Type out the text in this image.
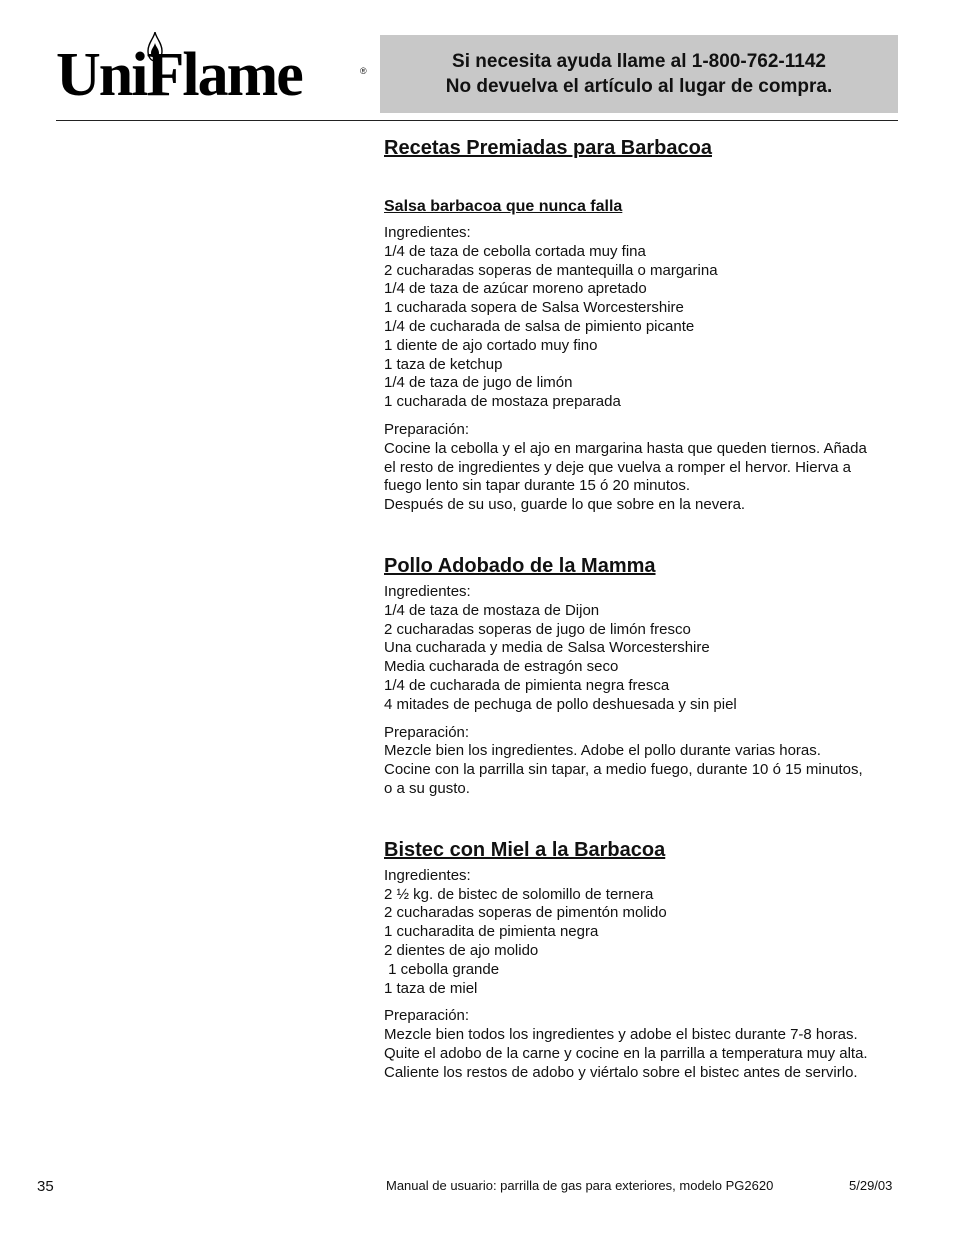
UniFlame	®	Si necesita ayuda llame al 1-800-762-1142
No devuelva el artículo al lugar de compra.
Recetas Premiadas para Barbacoa
Salsa barbacoa que nunca falla
Ingredientes:
1/4 de taza de cebolla cortada muy fina
2 cucharadas soperas de mantequilla o margarina
1/4 de taza de azúcar moreno apretado
1 cucharada sopera de Salsa Worcestershire
1/4 de cucharada de salsa de pimiento picante
1 diente de ajo cortado muy fino
1 taza de ketchup
1/4 de taza de jugo de limón
1 cucharada de mostaza preparada
Preparación:
Cocine la cebolla y el ajo en margarina hasta que queden tiernos. Añada
el resto de ingredientes y deje que vuelva a romper el hervor. Hierva a
fuego lento sin tapar durante 15 ó 20 minutos.
Después de su uso, guarde lo que sobre en la nevera.
Pollo Adobado de la Mamma
Ingredientes:
1/4 de taza de mostaza de Dijon
2 cucharadas soperas de jugo de limón fresco
Una cucharada y media de Salsa Worcestershire
Media cucharada de estragón seco
1/4 de cucharada de pimienta negra fresca
4 mitades de pechuga de pollo deshuesada y sin piel
Preparación:
Mezcle bien los ingredientes. Adobe el pollo durante varias horas.
Cocine con la parrilla sin tapar, a medio fuego, durante 10 ó 15 minutos,
o a su gusto.
Bistec con Miel a la Barbacoa
Ingredientes:
2 ½ kg. de bistec de solomillo de ternera
2 cucharadas soperas de pimentón molido
1 cucharadita de pimienta negra
2 dientes de ajo molido
1 cebolla grande
1 taza de miel
Preparación:
Mezcle bien todos los ingredientes y adobe el bistec durante 7-8 horas.
Quite el adobo de la carne y cocine en la parrilla a temperatura muy alta.
Caliente los restos de adobo y viértalo sobre el bistec antes de servirlo.
35	Manual de usuario: parrilla de gas para exteriores, modelo PG2620	5/29/03
